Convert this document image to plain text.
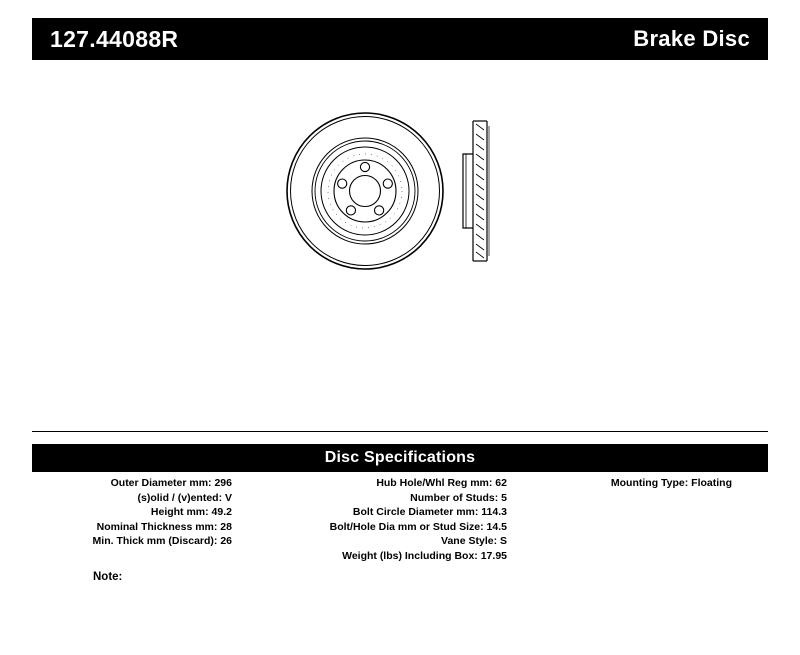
127.44088R	Brake Disc
Disc Specifications
Outer Diameter mm: 296
(s)olid / (v)ented: V
Height mm: 49.2
Nominal Thickness mm: 28
Min. Thick mm (Discard): 26
Hub Hole/Whl Reg mm: 62
Number of Studs: 5
Bolt Circle Diameter mm: 114.3
Bolt/Hole Dia mm or Stud Size: 14.5
Vane Style: S
Weight (lbs) Including Box: 17.95
Mounting Type: Floating
Note:
